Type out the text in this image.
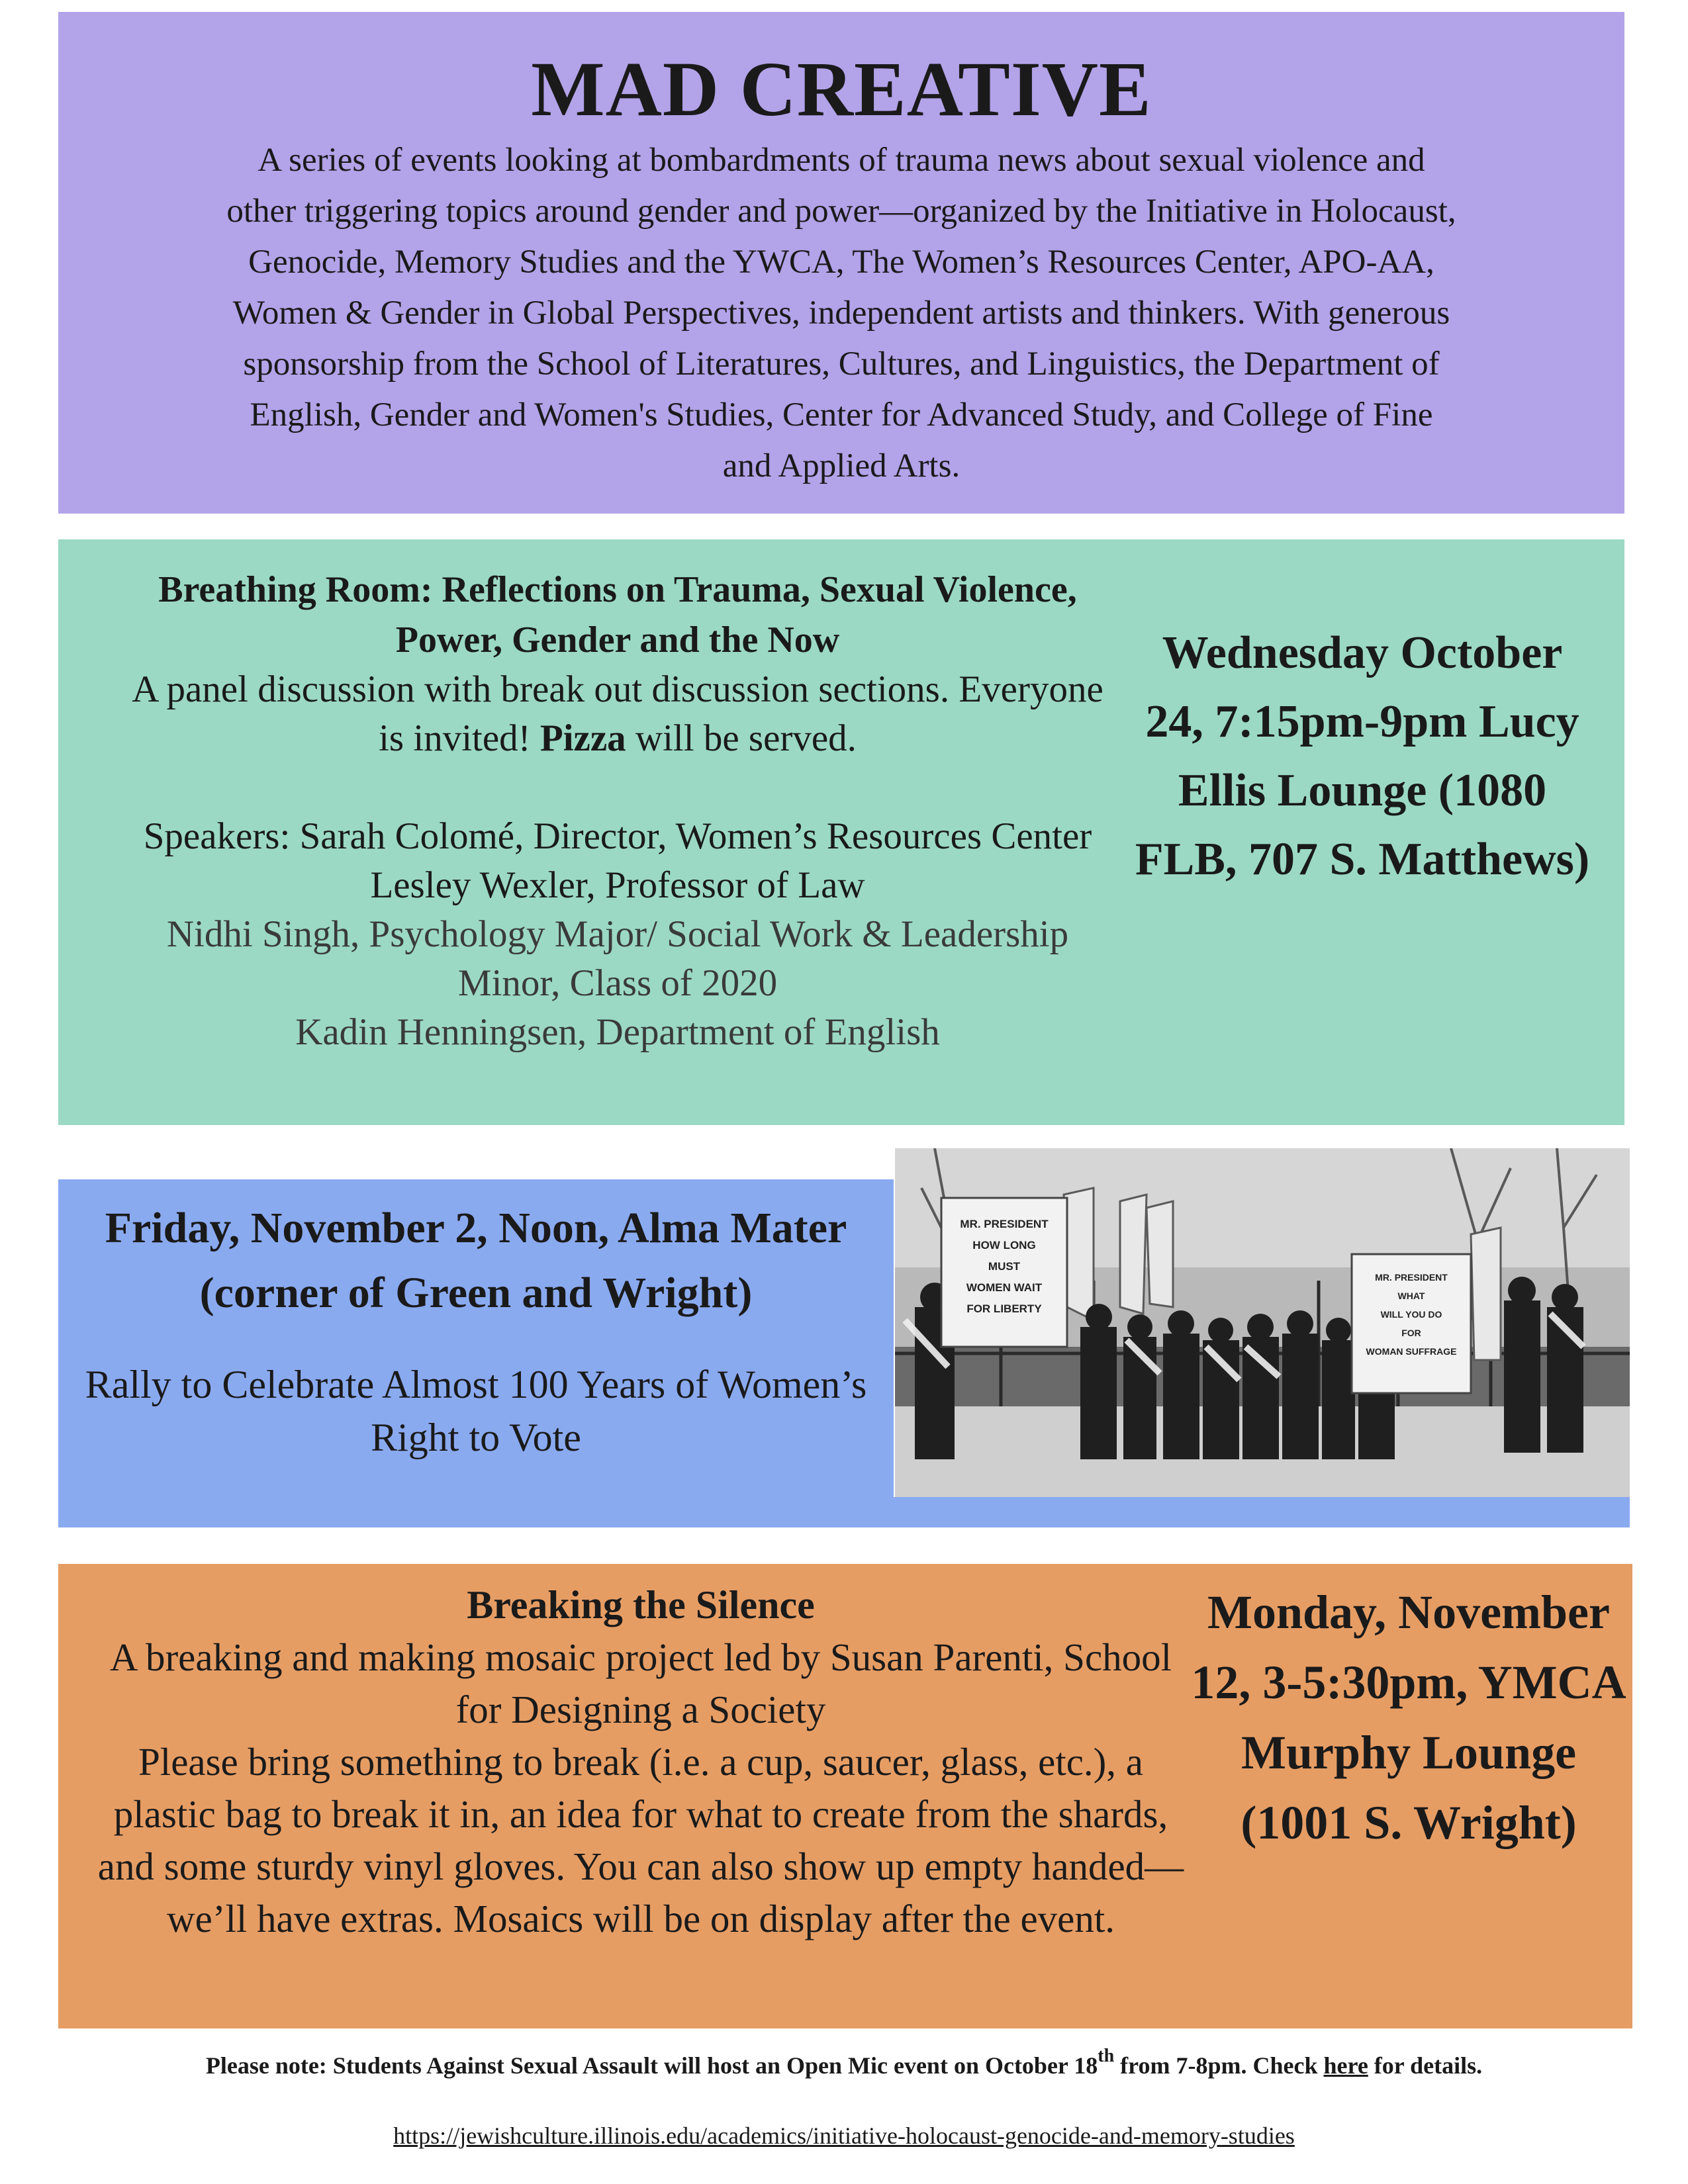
MAD CREATIVE
A series of events looking at bombardments of trauma news about sexual violence and other triggering topics around gender and power—organized by the Initiative in Holocaust, Genocide, Memory Studies and the YWCA, The Women’s Resources Center, APO-AA, Women & Gender in Global Perspectives, independent artists and thinkers. With generous sponsorship from the School of Literatures, Cultures, and Linguistics, the Department of English, Gender and Women's Studies, Center for Advanced Study, and College of Fine and Applied Arts.
Breathing Room: Reflections on Trauma, Sexual Violence, Power, Gender and the Now
A panel discussion with break out discussion sections. Everyone is invited! Pizza will be served.
Speakers: Sarah Colomé, Director, Women’s Resources Center
Lesley Wexler, Professor of Law
Nidhi Singh, Psychology Major/ Social Work & Leadership Minor, Class of 2020
Kadin Henningsen, Department of English
Wednesday October 24, 7:15pm-9pm Lucy Ellis Lounge (1080 FLB, 707 S. Matthews)
Friday, November 2, Noon, Alma Mater (corner of Green and Wright)
Rally to Celebrate Almost 100 Years of Women’s Right to Vote
MR. PRESIDENT
HOW LONG
MUST
WOMEN WAIT
FOR LIBERTY
MR. PRESIDENT
WHAT
WILL YOU DO
FOR
WOMAN SUFFRAGE
Breaking the Silence
A breaking and making mosaic project led by Susan Parenti, School for Designing a Society
Please bring something to break (i.e. a cup, saucer, glass, etc.), a plastic bag to break it in, an idea for what to create from the shards, and some sturdy vinyl gloves. You can also show up empty handed—we’ll have extras. Mosaics will be on display after the event.
Monday, November 12, 3-5:30pm, YMCA Murphy Lounge (1001 S. Wright)
Please note: Students Against Sexual Assault will host an Open Mic event on October 18th from 7-8pm. Check here for details.
https://jewishculture.illinois.edu/academics/initiative-holocaust-genocide-and-memory-studies
